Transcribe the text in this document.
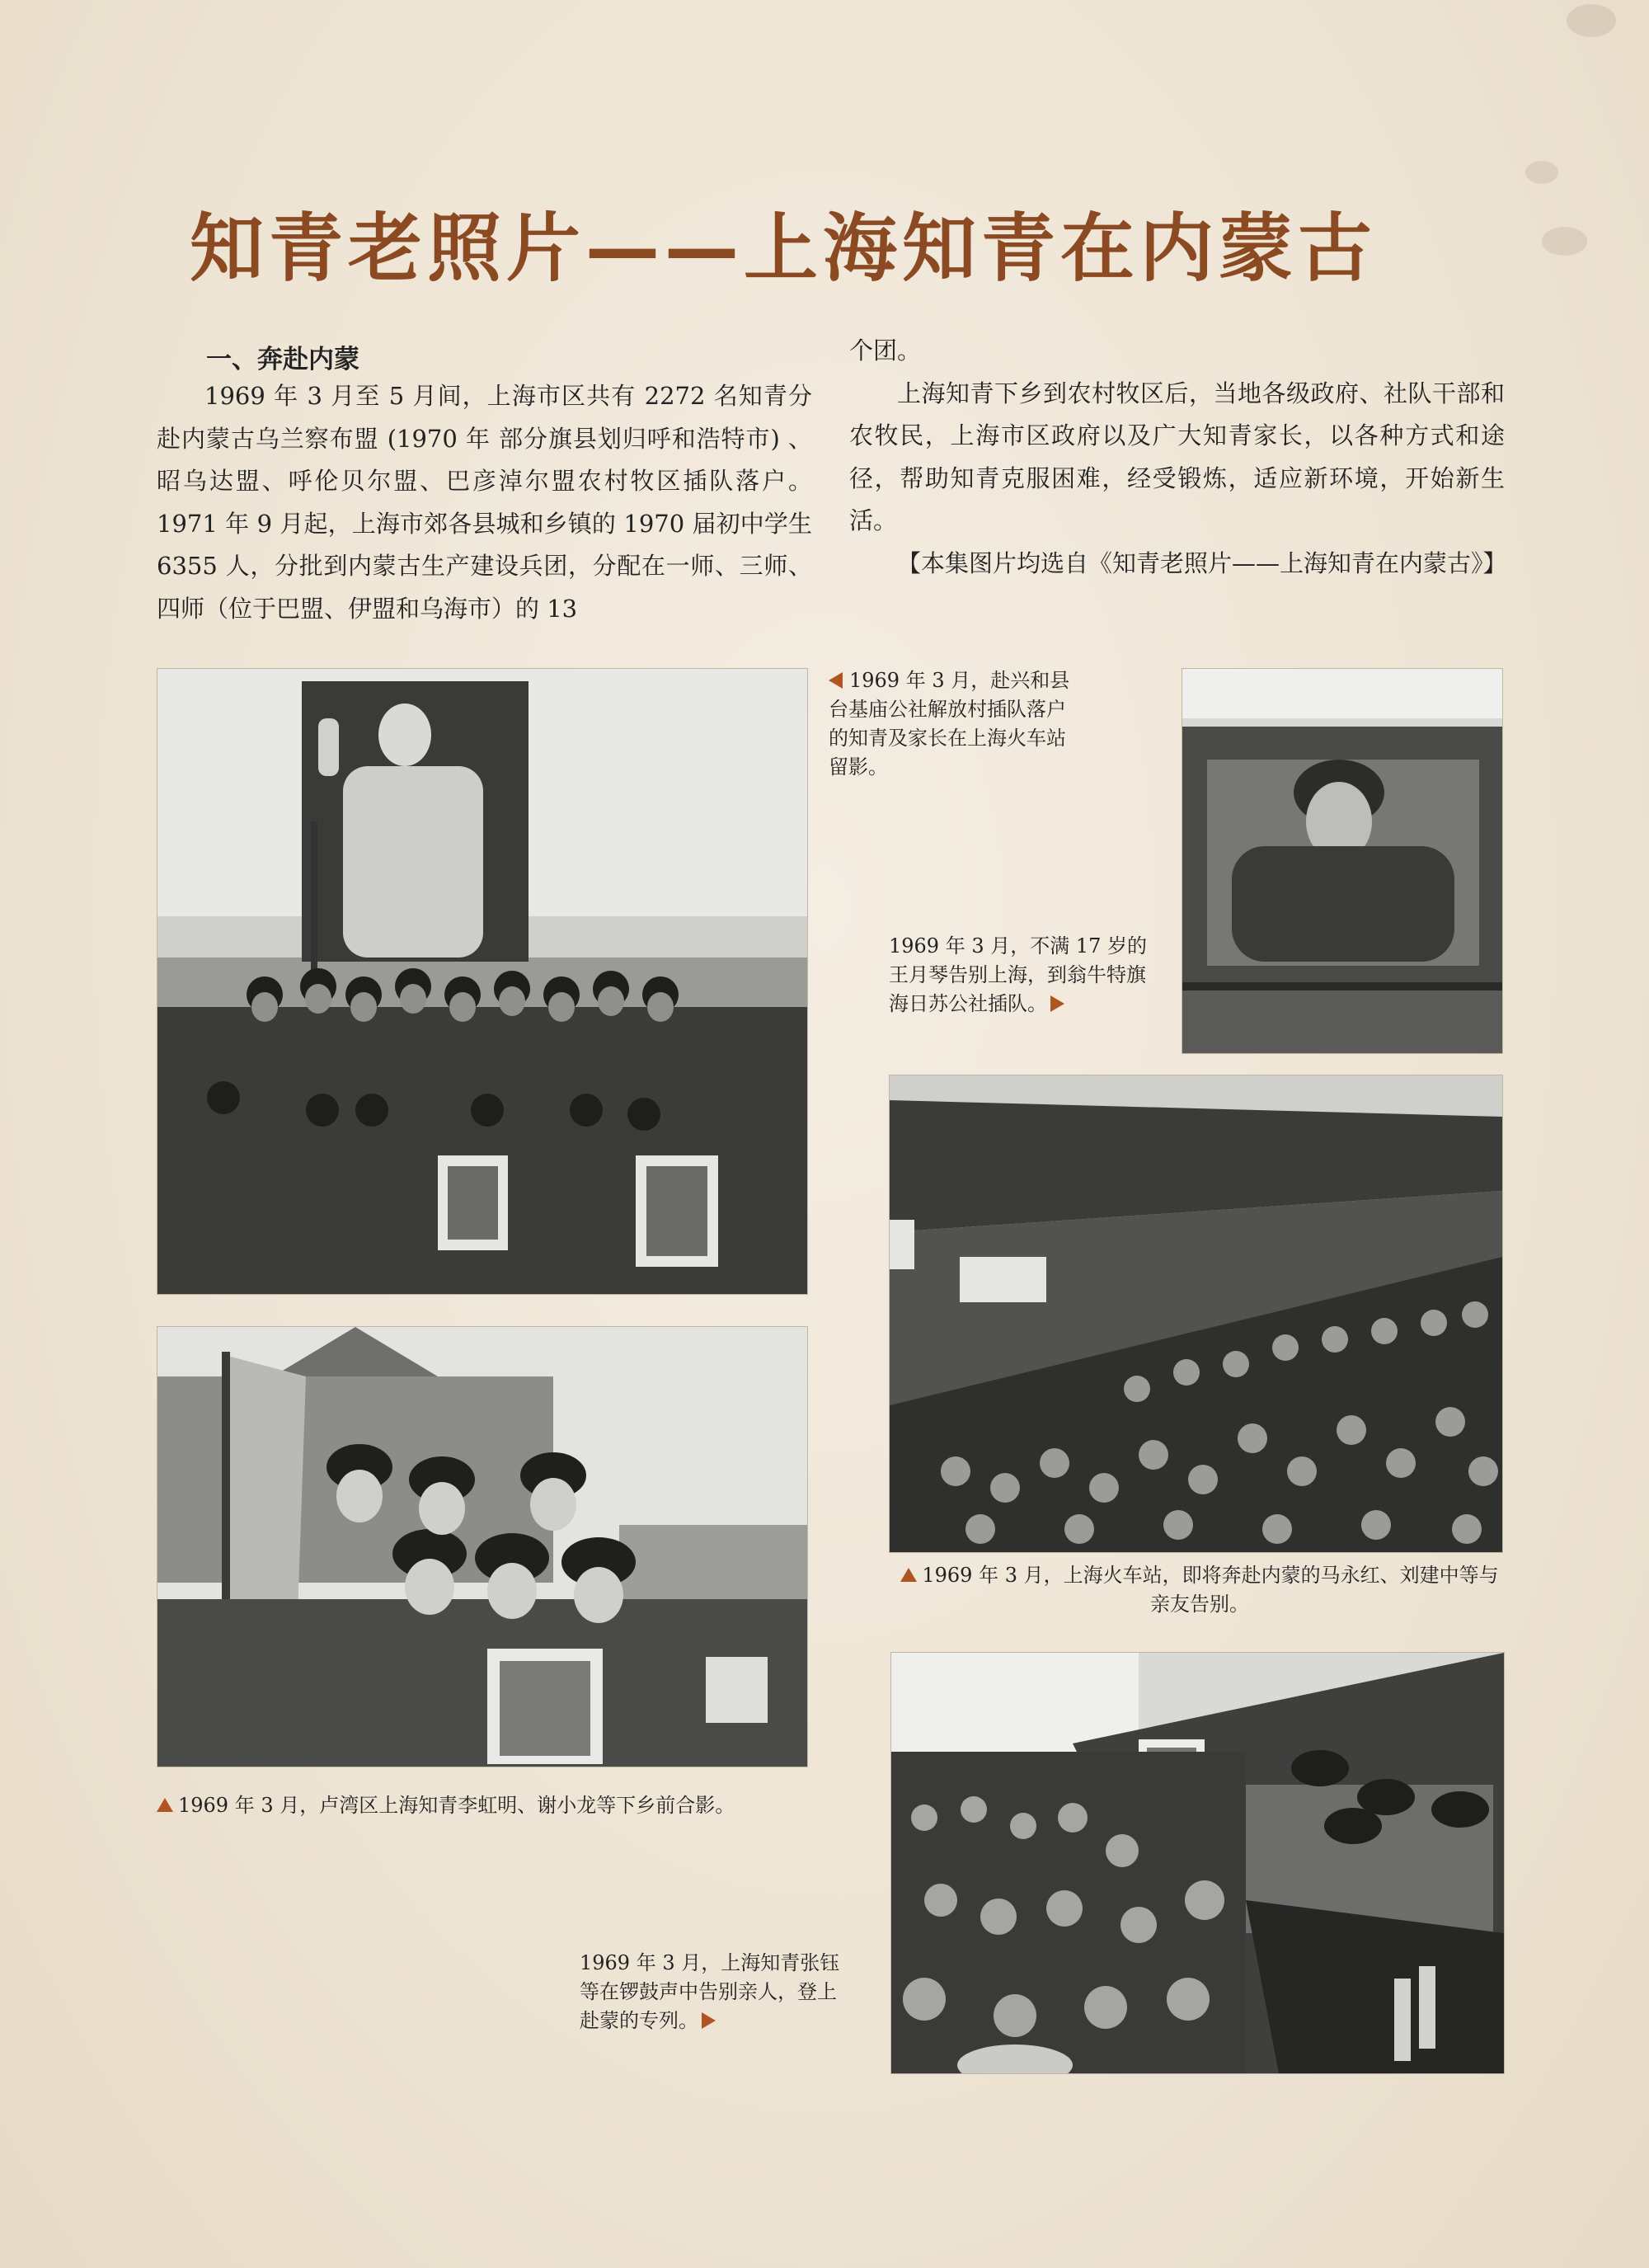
知青老照片——上海知青在内蒙古
一、奔赴内蒙

1969 年 3 月至 5 月间，上海市区共有 2272 名知青分赴内蒙古乌兰察布盟 (1970 年 部分旗县划归呼和浩特市) 、昭乌达盟、呼伦贝尔盟、巴彦淖尔盟农村牧区插队落户。1971 年 9 月起，上海市郊各县城和乡镇的 1970 届初中学生 6355 人，分批到内蒙古生产建设兵团，分配在一师、三师、四师（位于巴盟、伊盟和乌海市）的 13

个团。

上海知青下乡到农村牧区后，当地各级政府、社队干部和农牧民，上海市区政府以及广大知青家长，以各种方式和途径，帮助知青克服困难，经受锻炼，适应新环境，开始新生活。

【本集图片均选自《知青老照片——上海知青在内蒙古》】

1969 年 3 月，赴兴和县台基庙公社解放村插队落户的知青及家长在上海火车站留影。
1969 年 3 月，不满 17 岁的王月琴告别上海，到翁牛特旗海日苏公社插队。
1969 年 3 月，上海火车站，即将奔赴内蒙的马永红、刘建中等与亲友告别。
1969 年 3 月，卢湾区上海知青李虹明、谢小龙等下乡前合影。
1969 年 3 月，上海知青张钰等在锣鼓声中告别亲人，登上赴蒙的专列。
